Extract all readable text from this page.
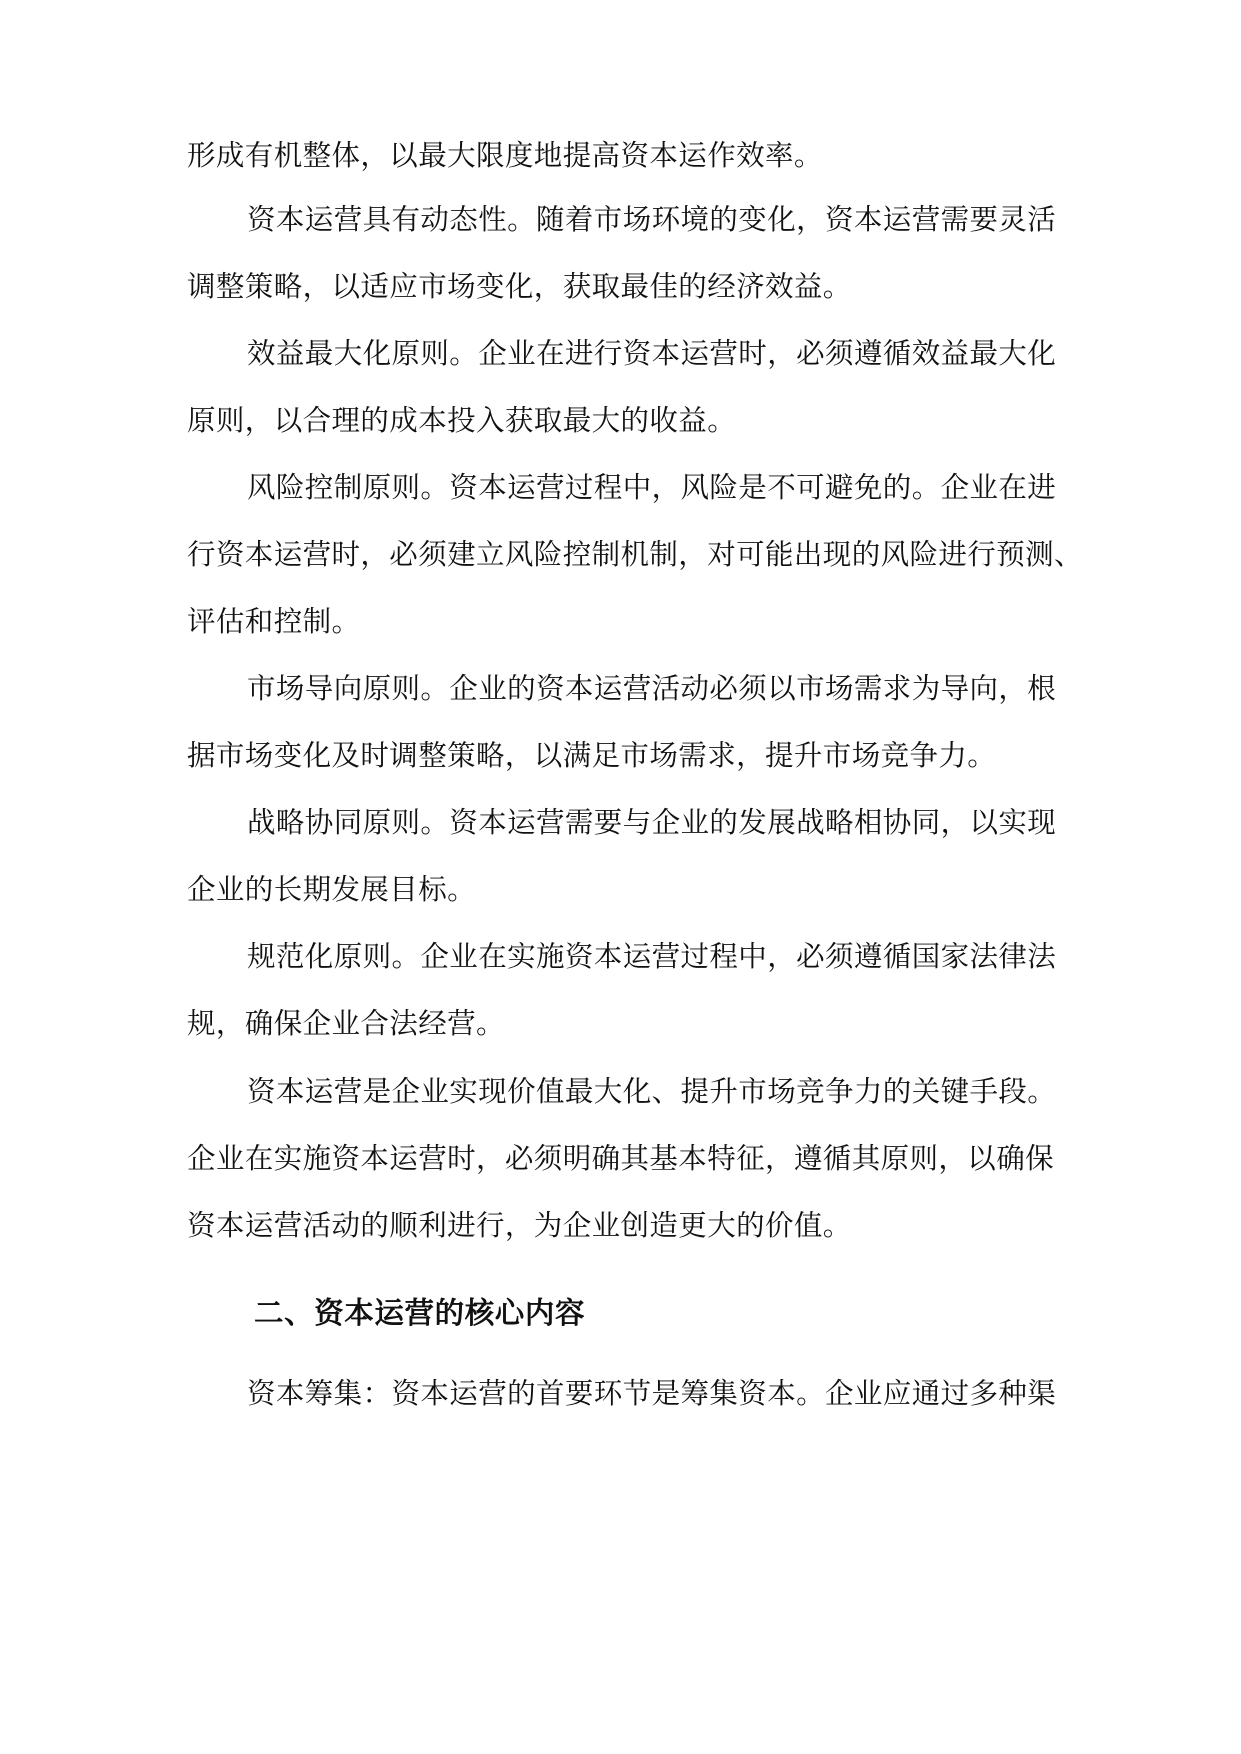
形成有机整体，以最大限度地提高资本运作效率。
资本运营具有动态性。随着市场环境的变化，资本运营需要灵活
调整策略，以适应市场变化，获取最佳的经济效益。
效益最大化原则。企业在进行资本运营时，必须遵循效益最大化
原则，以合理的成本投入获取最大的收益。
风险控制原则。资本运营过程中，风险是不可避免的。企业在进
行资本运营时，必须建立风险控制机制，对可能出现的风险进行预测、
评估和控制。
市场导向原则。企业的资本运营活动必须以市场需求为导向，根
据市场变化及时调整策略，以满足市场需求，提升市场竞争力。
战略协同原则。资本运营需要与企业的发展战略相协同，以实现
企业的长期发展目标。
规范化原则。企业在实施资本运营过程中，必须遵循国家法律法
规，确保企业合法经营。
资本运营是企业实现价值最大化、提升市场竞争力的关键手段。
企业在实施资本运营时，必须明确其基本特征，遵循其原则，以确保
资本运营活动的顺利进行，为企业创造更大的价值。
二、资本运营的核心内容
资本筹集：资本运营的首要环节是筹集资本。企业应通过多种渠
